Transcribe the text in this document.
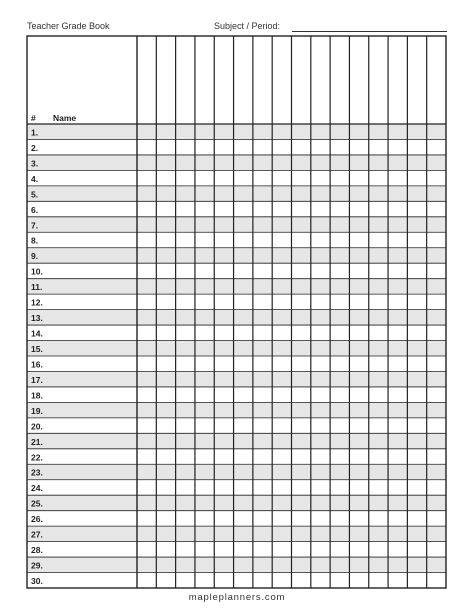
Teacher Grade Book	Subject / Period:
# Name
1.
2.
3.
4.
5.
6.
7.
8.
9.
10.
11.
12.
13.
14.
15.
16.
17.
18.
19.
20.
21.
22.
23.
24.
25.
26.
27.
28.
29.
30.
mapleplanners.com
